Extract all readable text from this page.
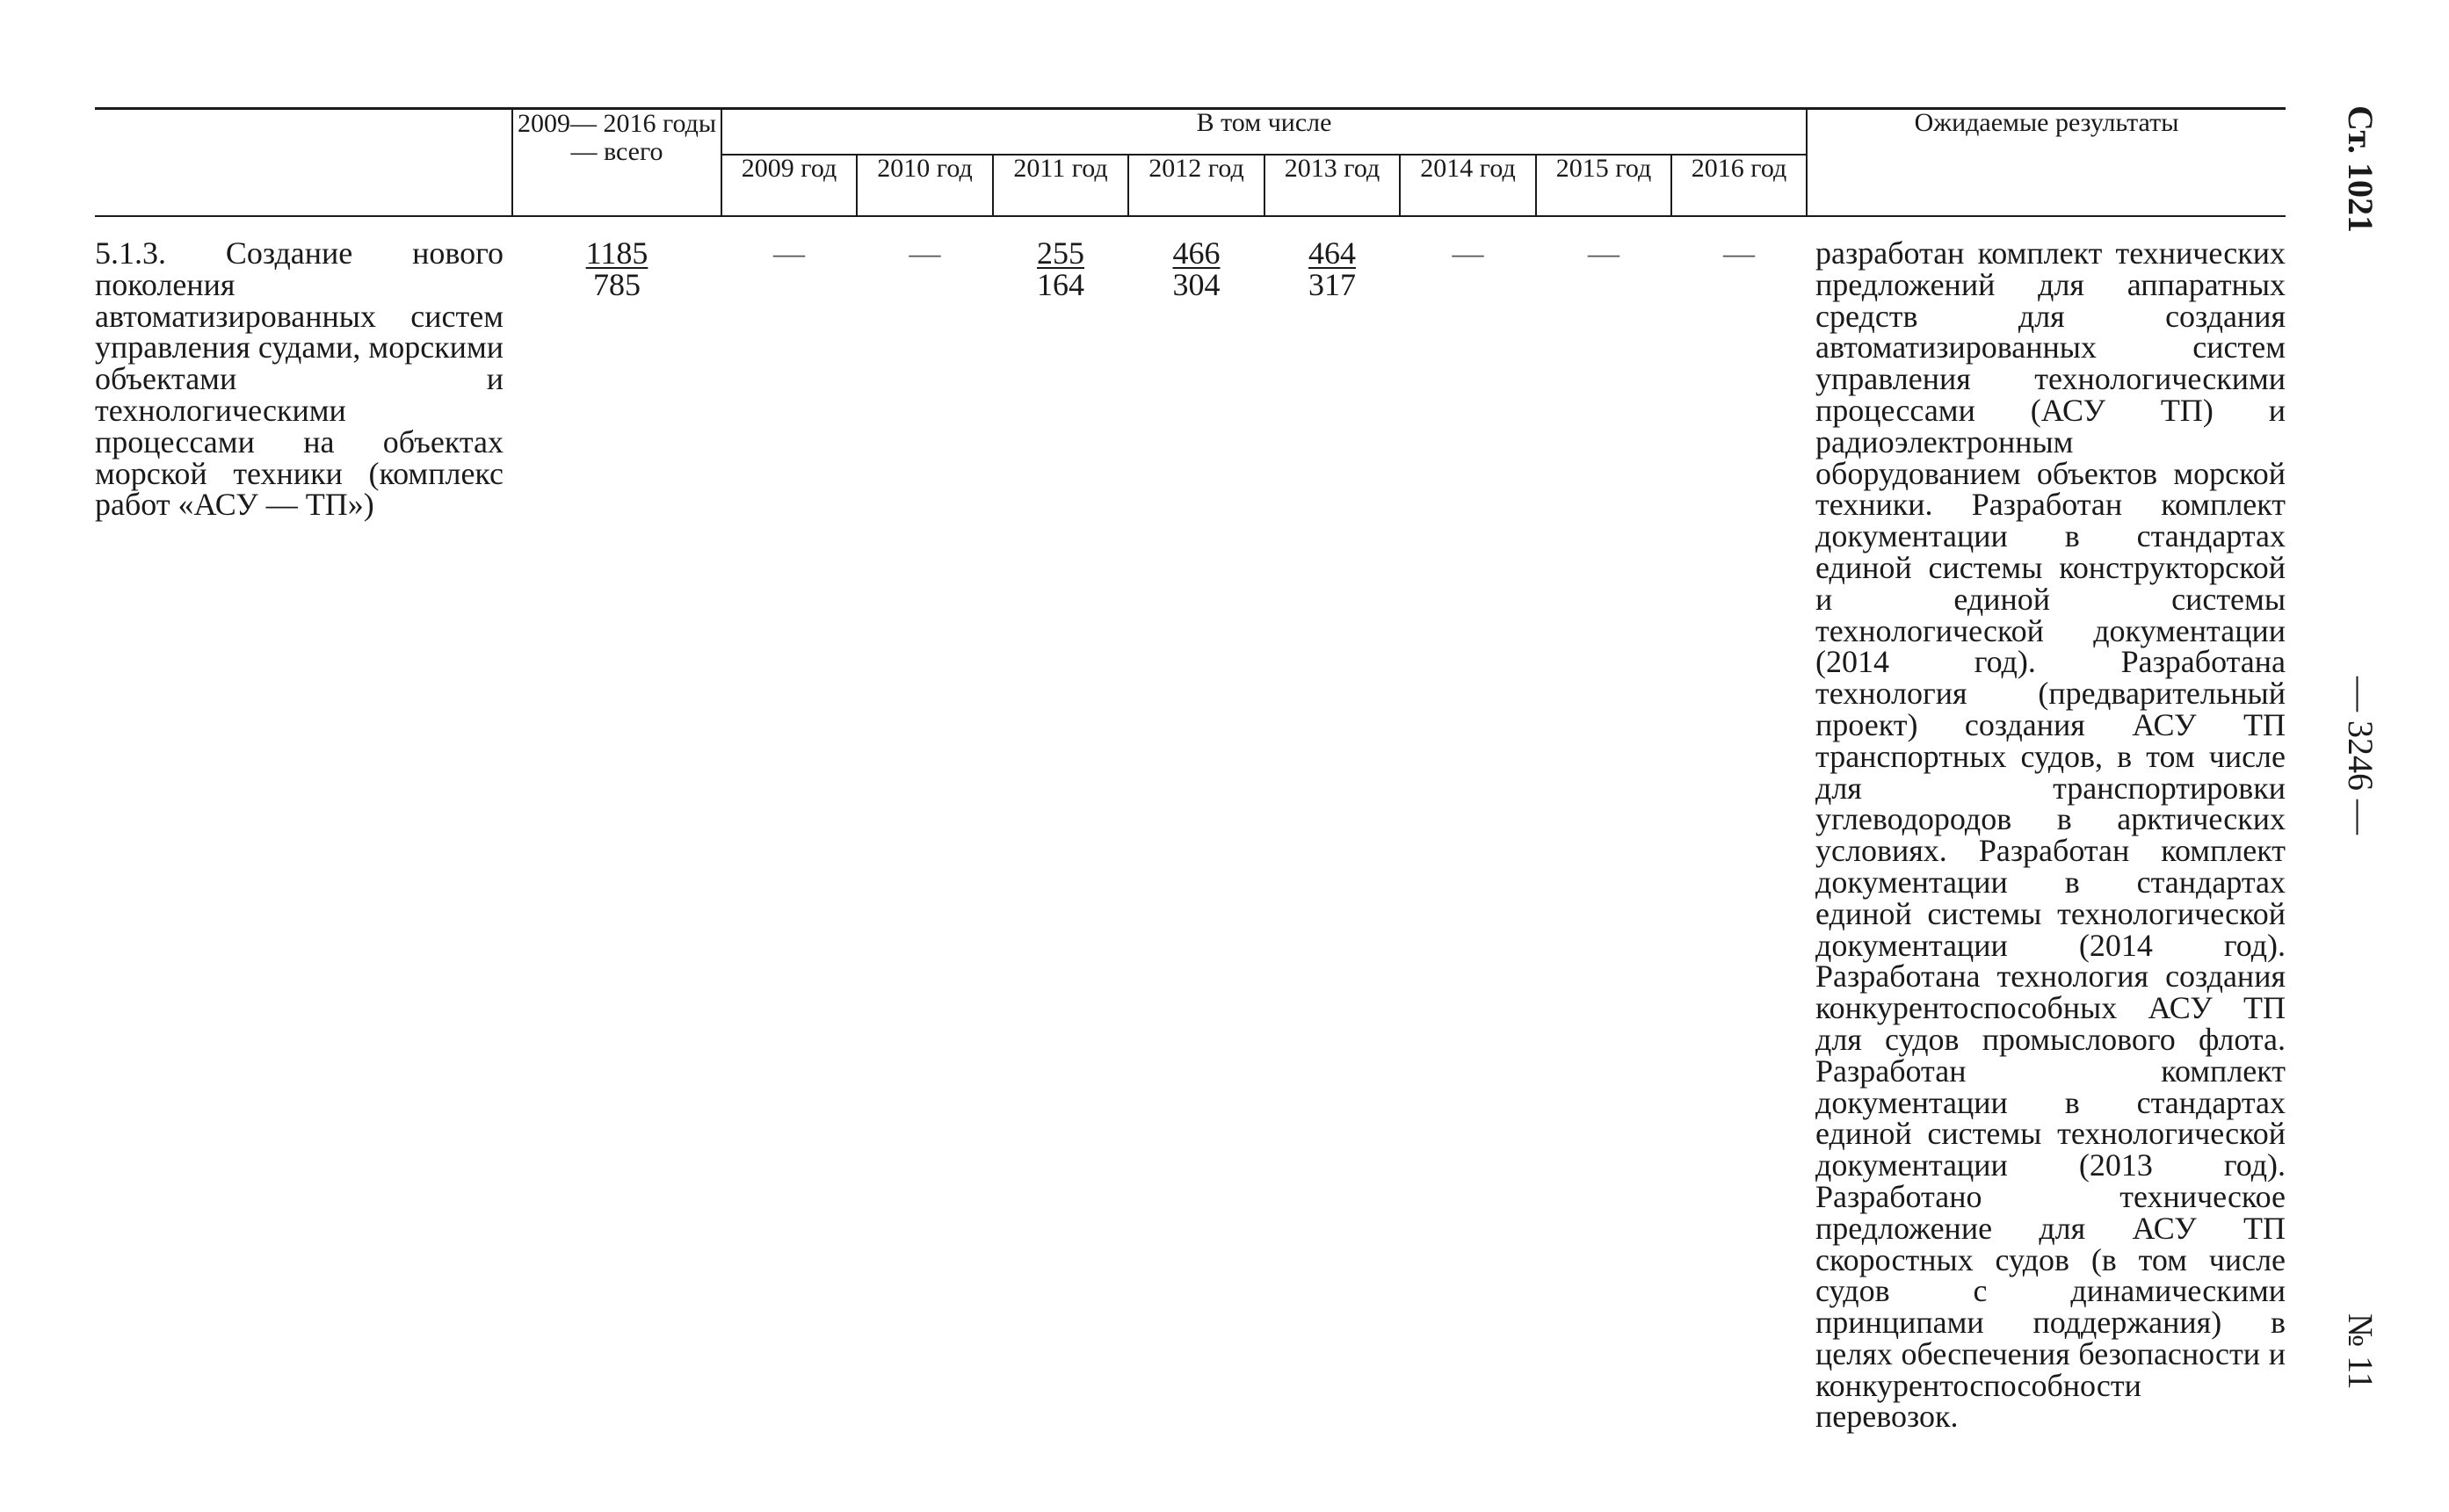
	2009— 2016 годы — всего	В том числе								Ожидаемые результаты
		2009 год	2010 год	2011 год	2012 год	2013 год	2014 год	2015 год	2016 год	
5.1.3. Создание нового поколения автоматизированных систем управления судами, морскими объектами и технологическими процессами на объектах морской техники (комплекс работ «АСУ — ТП»)	$\frac{1185}{785}$	—	—	$\frac{255}{164}$	$\frac{466}{304}$	$\frac{464}{317}$	—	—	—	разработан комплект технических предложений для аппаратных средств для создания автоматизированных систем управления технологическими процессами (АСУ ТП) и радиоэлектронным оборудованием объектов морской техники. Разработан комплект документации в стандартах единой системы конструкторской и единой системы технологической документации (2014 год). Разработана технология (предварительный проект) создания АСУ ТП транспортных судов, в том числе для транспортировки углеводородов в арктических условиях. Разработан комплект документации в стандартах единой системы технологической документации (2014 год). Разработана технология создания конкурентоспособных АСУ ТП для судов промыслового флота. Разработан комплект документации в стандартах единой системы технологической документации (2013 год). Разработано техническое предложение для АСУ ТП скоростных судов (в том числе судов с динамическими принципами поддержания) в целях обеспечения безопасности и конкурентоспособности перевозок.
Ст. 1021
— 3246 —
№ 11
